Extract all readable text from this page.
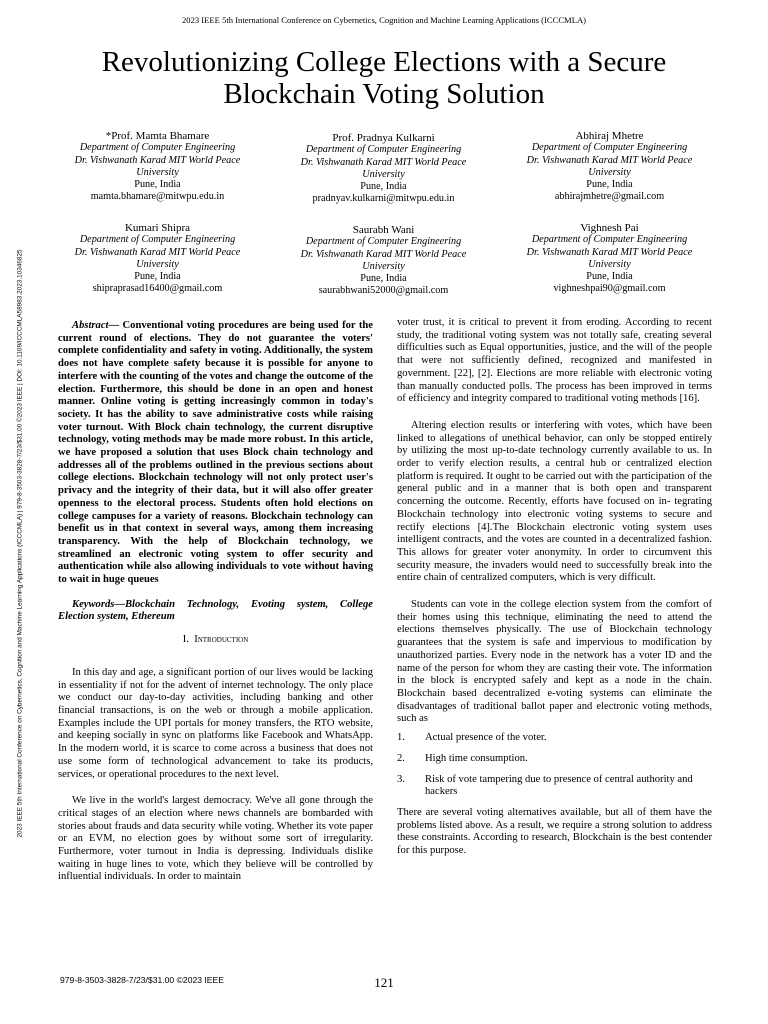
2023 IEEE 5th International Conference on Cybernetics, Cognition and Machine Learning Applications (ICCCMLA)
Revolutionizing College Elections with a Secure
Blockchain Voting Solution
2023 IEEE 5th International Conference on Cybernetics, Cognition and Machine Learning Applications (ICCCMLA) | 979-8-3503-3828-7/23/$31.00 ©2023 IEEE | DOI: 10.1109/ICCCMLA58983.2023.10346825
*Prof. Mamta Bhamare
Department of Computer Engineering
Dr. Vishwanath Karad MIT World Peace
University
Pune, India
mamta.bhamare@mitwpu.edu.in
Prof. Pradnya Kulkarni
Department of Computer Engineering
Dr. Vishwanath Karad MIT World Peace
University
Pune, India
pradnyav.kulkarni@mitwpu.edu.in
Abhiraj Mhetre
Department of Computer Engineering
Dr. Vishwanath Karad MIT World Peace
University
Pune, India
abhirajmhetre@gmail.com
Kumari Shipra
Department of Computer Engineering
Dr. Vishwanath Karad MIT World Peace
University
Pune, India
shipraprasad16400@gmail.com
Saurabh Wani
Department of Computer Engineering
Dr. Vishwanath Karad MIT World Peace
University
Pune, India
saurabhwani52000@gmail.com
Vighnesh Pai
Department of Computer Engineering
Dr. Vishwanath Karad MIT World Peace
University
Pune, India
vighneshpai90@gmail.com

Abstract— Conventional voting procedures are being used for the current round of elections. They do not guarantee the voters' complete confidentiality and safety in voting. Additionally, the system does not have complete safety because it is possible for anyone to interfere with the counting of the votes and change the outcome of the election. Furthermore, this should be done in an open and honest manner. Online voting is getting increasingly common in today's society. It has the ability to save administrative costs while raising voter turnout. With Block chain technology, the current disruptive technology, voting methods may be made more robust. In this article, we have proposed a solution that uses Block chain technology and addresses all of the problems outlined in the previous sections about college elections. Blockchain technology will not only protect user's privacy and the integrity of their data, but it will also offer greater openness to the electoral process. Students often hold elections on college campuses for a variety of reasons. Blockchain technology can benefit us in that context in several ways, among them increasing transparency. With the help of Blockchain technology, we streamlined an electronic voting system to offer security and authentication while also allowing individuals to vote without having to wait in huge queues

Keywords—Blockchain Technology, Evoting system, College Election system, Ethereum

I. Introduction

In this day and age, a significant portion of our lives would be lacking in essentiality if not for the advent of internet technology. The only place we conduct our day-to-day activities, including banking and other financial transactions, is on the web or through a mobile application. Examples include the UPI portals for money transfers, the RTO website, and keeping socially in sync on platforms like Facebook and WhatsApp. In the modern world, it is scarce to come across a business that does not use some form of technological advancement to take its products, services, or operational procedures to the next level.

We live in the world's largest democracy. We've all gone through the critical stages of an election where news channels are bombarded with stories about frauds and data security while voting. Whether its vote paper or an EVM, no election goes by without some sort of irregularity. Furthermore, voter turnout in India is depressing. Individuals dislike waiting in huge lines to vote, which they believe will be controlled by influential individuals. In order to maintain

voter trust, it is critical to prevent it from eroding. According to recent study, the traditional voting system was not totally safe, creating several difficulties such as Equal opportunities, justice, and the will of the people that were not sufficiently defined, recognized and manifested in government. [22], [2]. Elections are more reliable with electronic voting than manually conducted polls. The process has been improved in terms of efficiency and integrity compared to traditional voting methods [16].

Altering election results or interfering with votes, which have been linked to allegations of unethical behavior, can only be stopped entirely by utilizing the most up-to-date technology currently available to us. In order to verify election results, a central hub or centralized election platform is required. It ought to be carried out with the participation of the general public and in a manner that is both open and transparent concerning the outcome. Recently, efforts have focused on in- tegrating Blockchain technology into electronic voting systems to secure and rectify elections [4].The Blockchain electronic voting system uses intelligent contracts, and the votes are counted in a decentralized fashion. This allows for greater voter anonymity. In order to circumvent this security measure, the invaders would need to successfully break into the entire chain of centralized computers, which is very difficult.

Students can vote in the college election system from the comfort of their homes using this technique, eliminating the need to attend the elections themselves physically. The use of Blockchain technology guarantees that the system is safe and impervious to modification by unauthorized parties. Every node in the network has a voter ID and the name of the person for whom they are casting their vote. The information in the block is encrypted safely and kept as a node in the chain. Blockchain based decentralized e-voting systems can eliminate the disadvantages of traditional ballot paper and electronic voting methods, such as

1. Actual presence of the voter.
2. High time consumption.
3. Risk of vote tampering due to presence of central authority and hackers

There are several voting alternatives available, but all of them have the problems listed above. As a result, we require a strong solution to address these constraints. According to research, Blockchain is the best contender for this purpose.

979-8-3503-3828-7/23/$31.00 ©2023 IEEE	121
